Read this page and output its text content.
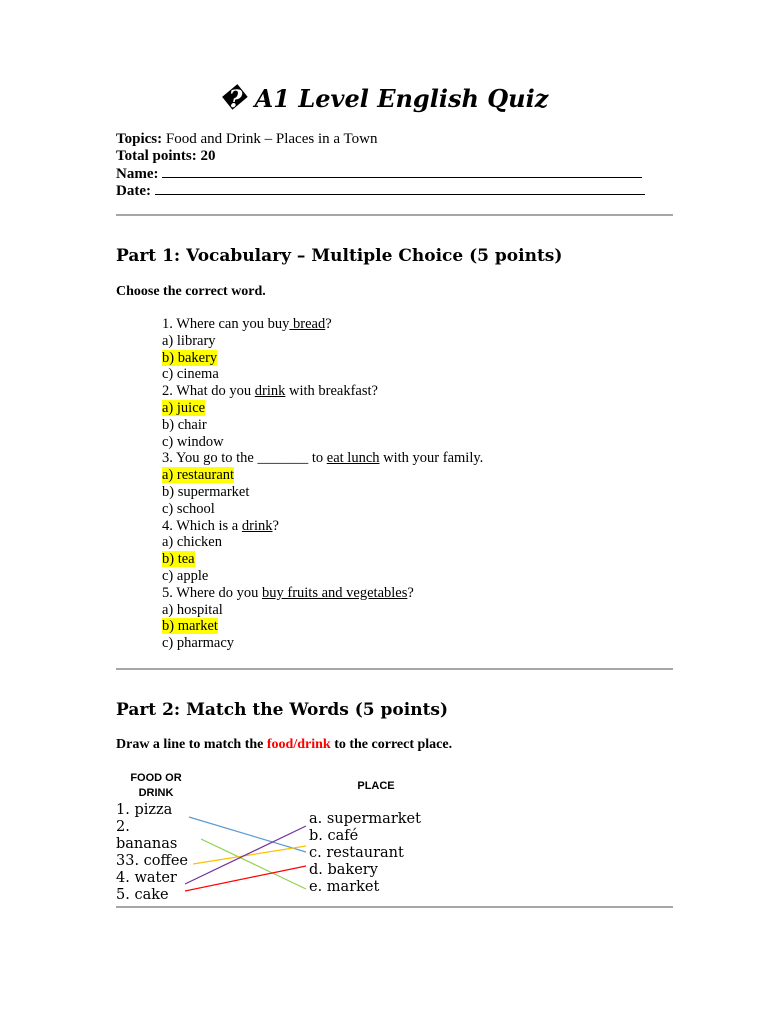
� A1 Level English Quiz
Topics: Food and Drink – Places in a Town
Total points: 20
Name:
Date:
Part 1: Vocabulary – Multiple Choice (5 points)
Choose the correct word.
1. Where can you buy bread?
a) library
b) bakery
c) cinema
2. What do you drink with breakfast?
a) juice
b) chair
c) window
3. You go to the _______ to eat lunch with your family.
a) restaurant
b) supermarket
c) school
4. Which is a drink?
a) chicken
b) tea
c) apple
5. Where do you buy fruits and vegetables?
a) hospital
b) market
c) pharmacy
Part 2: Match the Words (5 points)
Draw a line to match the food/drink to the correct place.
FOOD OR
DRINK
PLACE
1. pizza
2. bananas
33. coffee
4. water
5. cake
a. supermarket
b. café
c. restaurant
d. bakery
e. market
